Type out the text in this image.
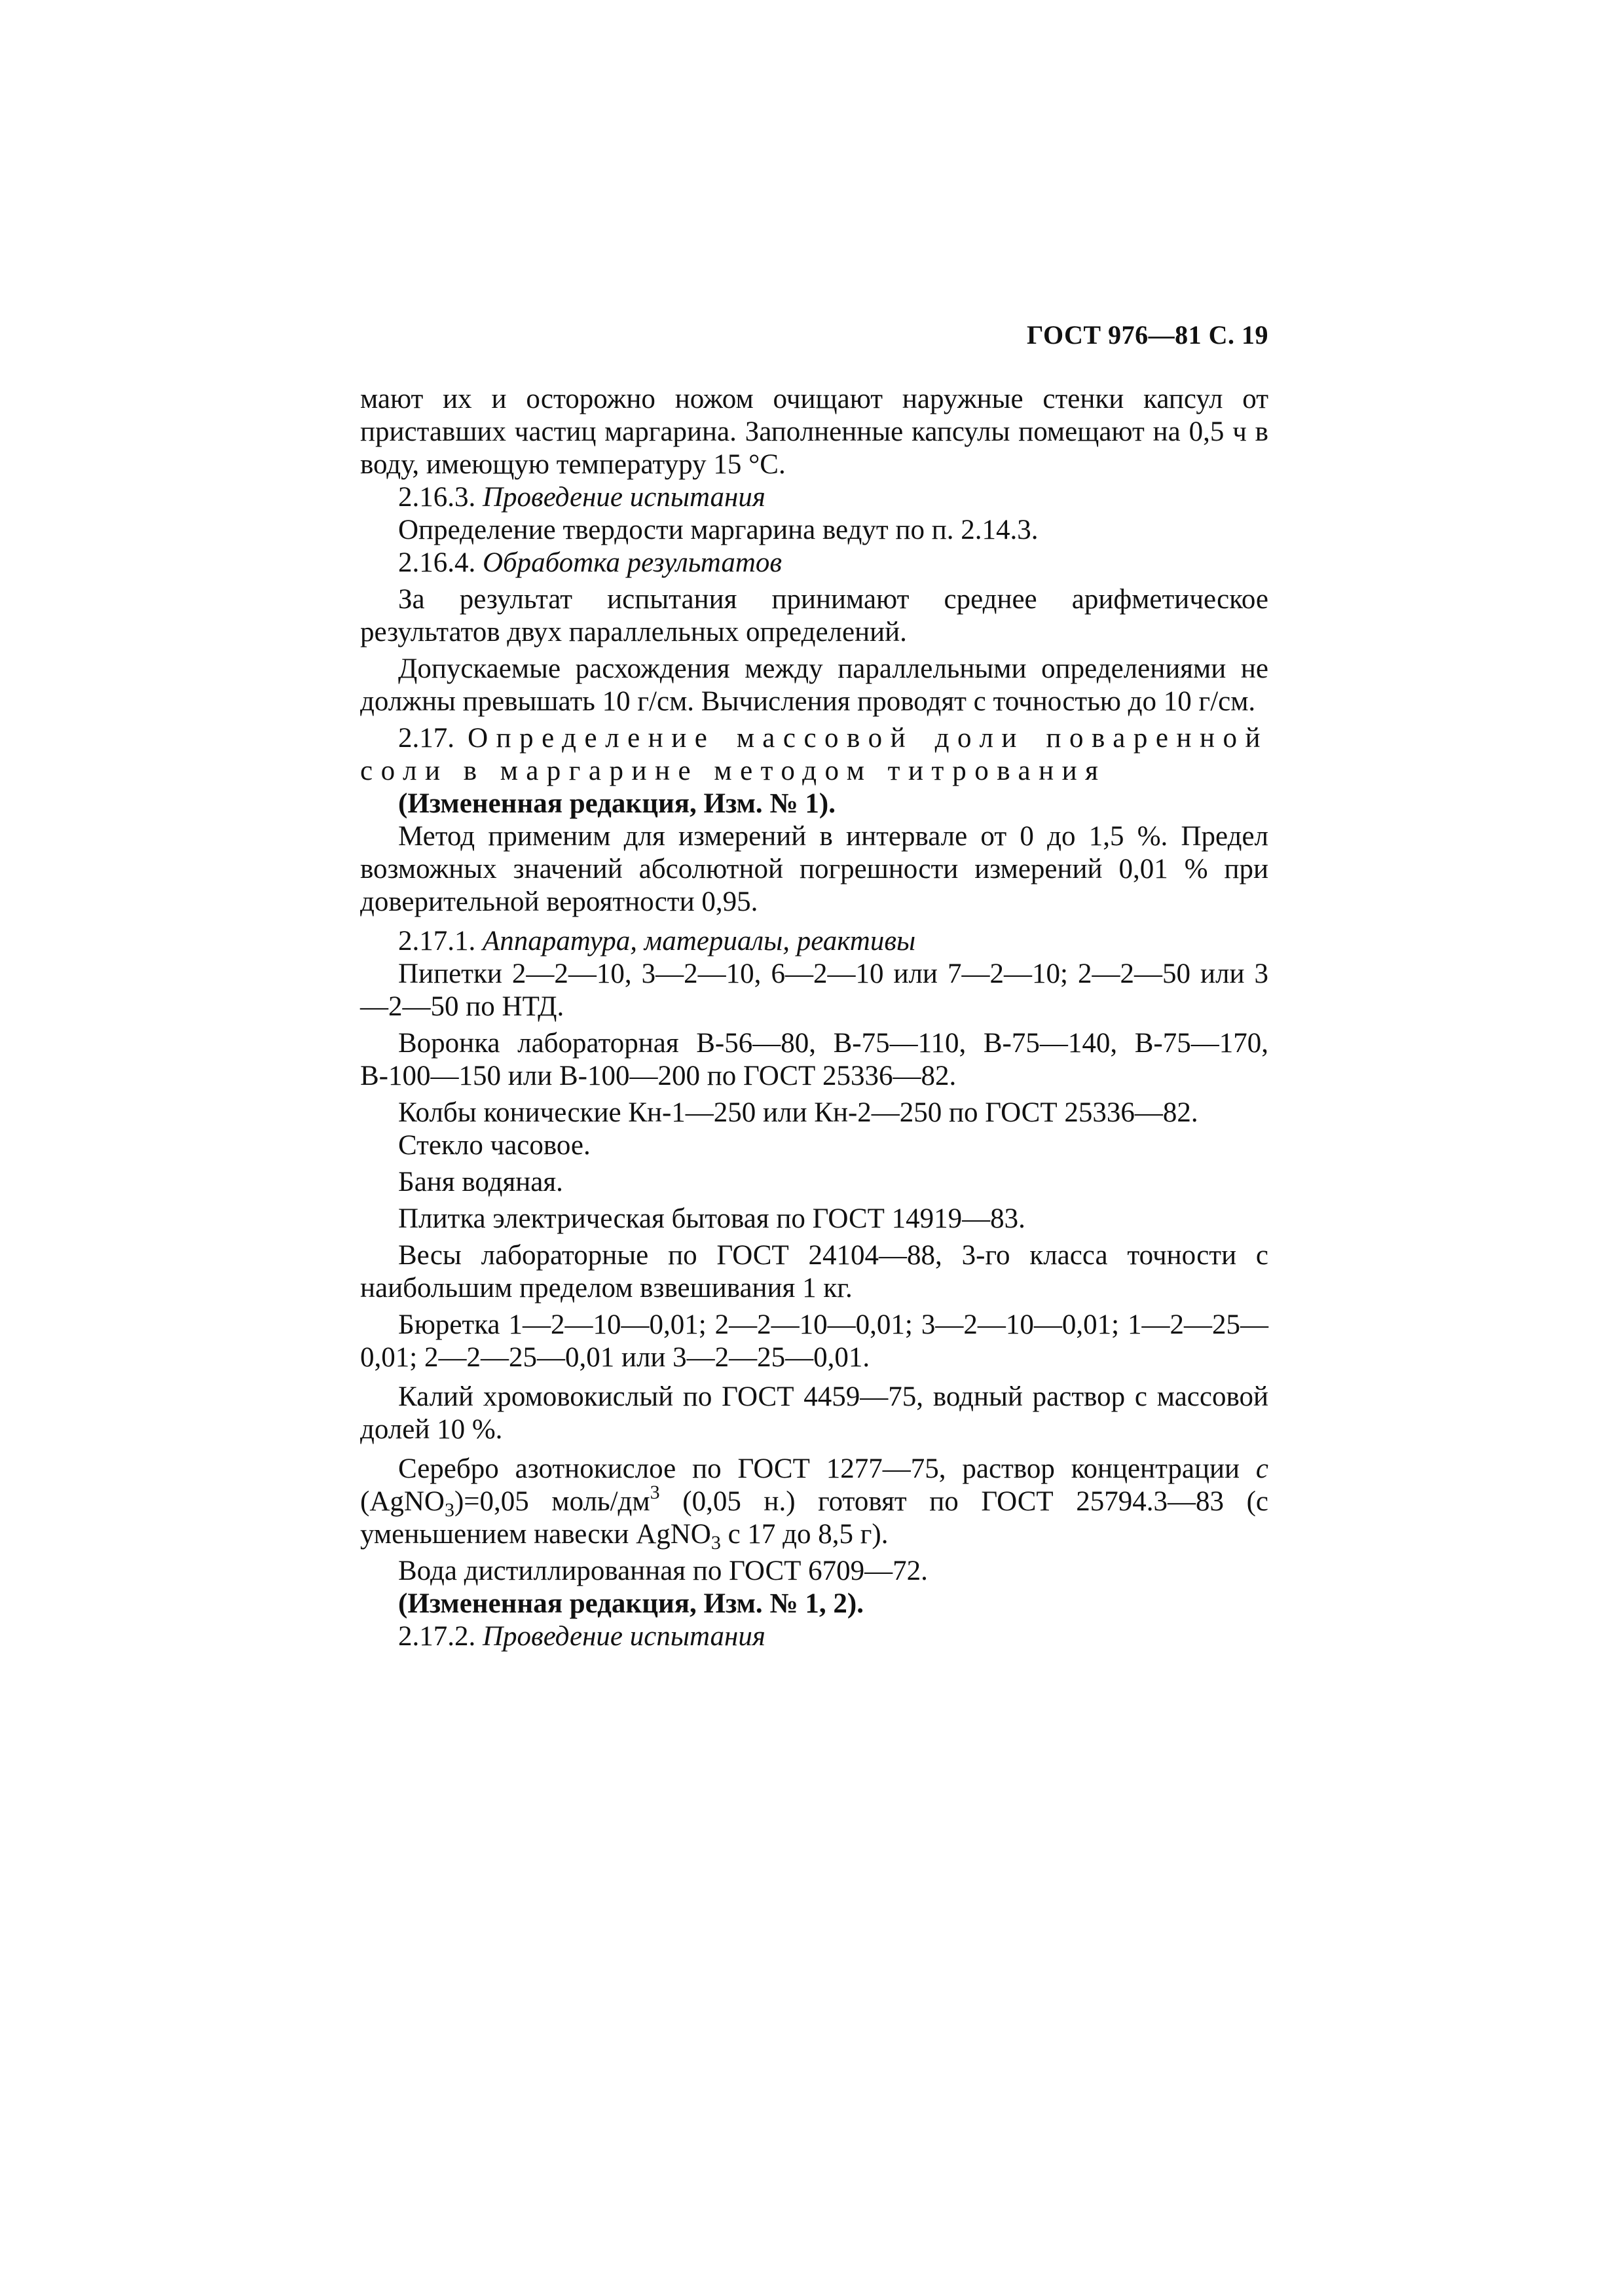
ГОСТ 976—81 С. 19

мают их и осторожно ножом очищают наружные стенки капсул от приставших частиц маргарина. Заполненные капсулы помещают на 0,5 ч в воду, имеющую температуру 15 °С.

2.16.3. Проведение испытания

Определение твердости маргарина ведут по п. 2.14.3.

2.16.4. Обработка результатов

За результат испытания принимают среднее арифметическое результатов двух параллельных определений.

Допускаемые расхождения между параллельными определениями не должны превышать 10 г/см. Вычисления проводят с точностью до 10 г/см.

2.17. Определение массовой доли поваренной соли в маргарине методом титрования

(Измененная редакция, Изм. № 1).

Метод применим для измерений в интервале от 0 до 1,5 %. Предел возможных значений абсолютной погрешности измерений 0,01 % при доверительной вероятности 0,95.

2.17.1. Аппаратура, материалы, реактивы

Пипетки 2—2—10, 3—2—10, 6—2—10 или 7—2—10; 2—2—50 или 3—2—50 по НТД.

Воронка лабораторная В-56—80, В-75—110, В-75—140, В-75—170, В-100—150 или В-100—200 по ГОСТ 25336—82.

Колбы конические Кн-1—250 или Кн-2—250 по ГОСТ 25336—82.

Стекло часовое.

Баня водяная.

Плитка электрическая бытовая по ГОСТ 14919—83.

Весы лабораторные по ГОСТ 24104—88, 3-го класса точности с наибольшим пределом взвешивания 1 кг.

Бюретка 1—2—10—0,01; 2—2—10—0,01; 3—2—10—0,01; 1—2—25—0,01; 2—2—25—0,01 или 3—2—25—0,01.

Калий хромовокислый по ГОСТ 4459—75, водный раствор с массовой долей 10 %.

Серебро азотнокислое по ГОСТ 1277—75, раствор концентрации с (AgNO$_3$)=0,05 моль/$дм^3$ (0,05 н.) готовят по ГОСТ 25794.3—83 (с уменьшением навески AgNO$_3$ с 17 до 8,5 г).

Вода дистиллированная по ГОСТ 6709—72.

(Измененная редакция, Изм. № 1, 2).

2.17.2. Проведение испытания
